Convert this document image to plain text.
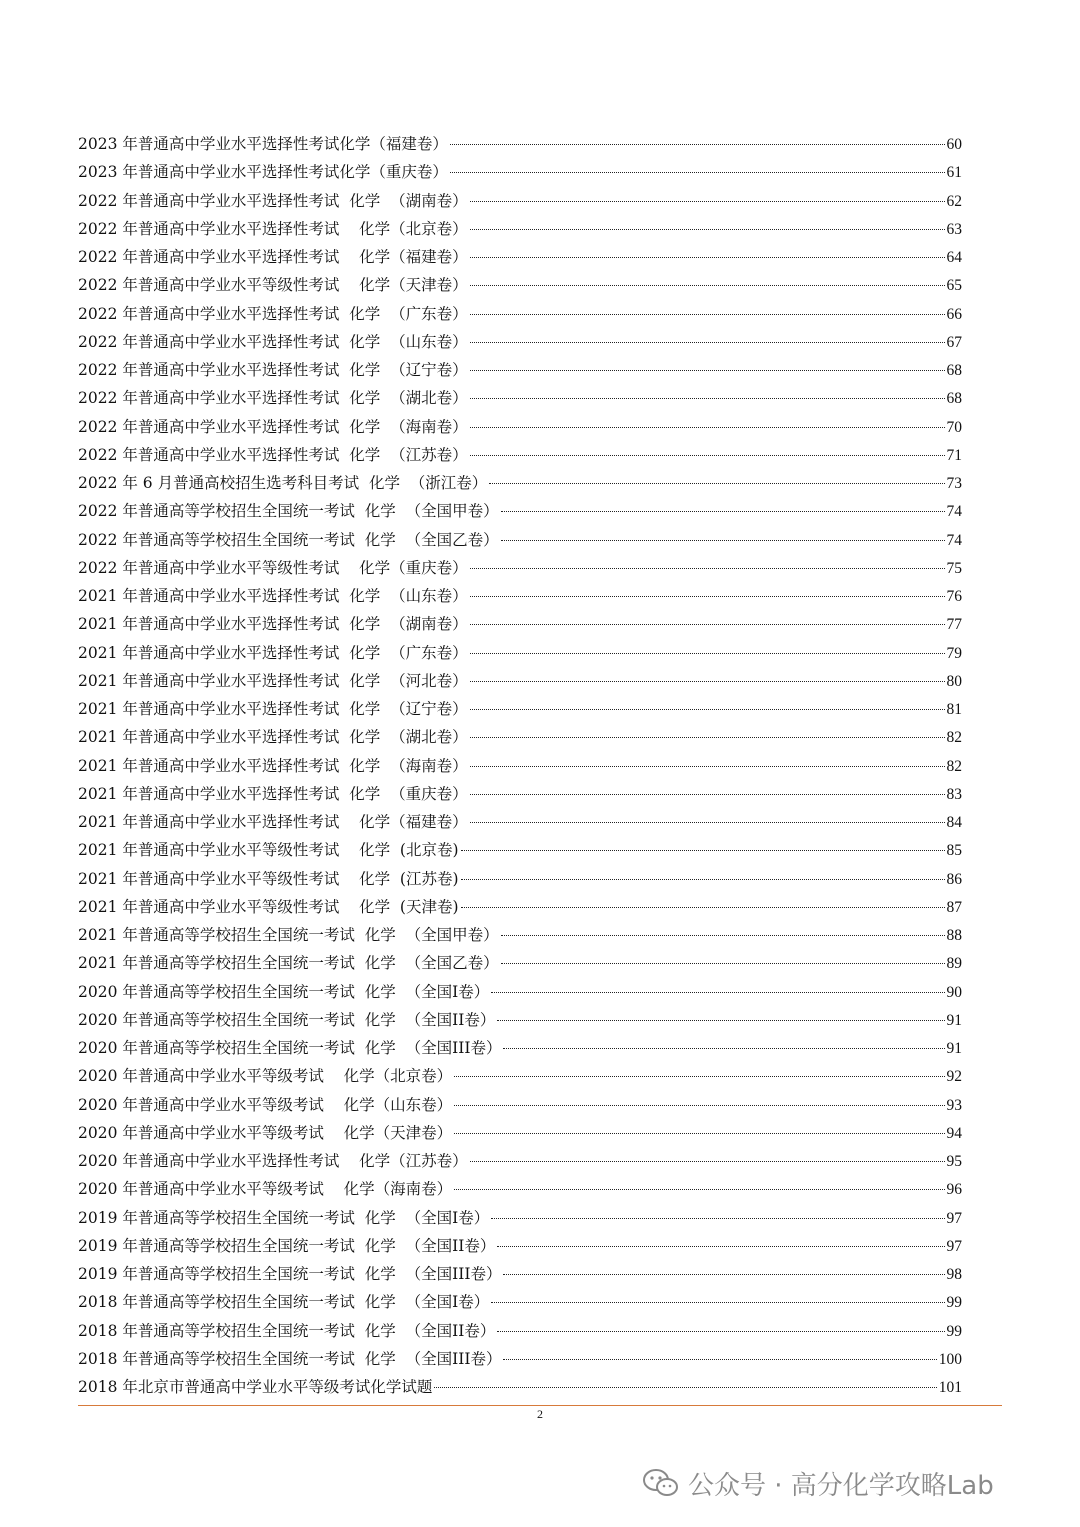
2023 年普通高中学业水平选择性考试化学（福建卷）	60
2023 年普通高中学业水平选择性考试化学（重庆卷）	61
2022 年普通高中学业水平选择性考试  化学  （湖南卷）	62
2022 年普通高中学业水平选择性考试    化学（北京卷）	63
2022 年普通高中学业水平选择性考试    化学（福建卷）	64
2022 年普通高中学业水平等级性考试    化学（天津卷）	65
2022 年普通高中学业水平选择性考试  化学  （广东卷）	66
2022 年普通高中学业水平选择性考试  化学  （山东卷）	67
2022 年普通高中学业水平选择性考试  化学  （辽宁卷）	68
2022 年普通高中学业水平选择性考试  化学  （湖北卷）	68
2022 年普通高中学业水平选择性考试  化学  （海南卷）	70
2022 年普通高中学业水平选择性考试  化学  （江苏卷）	71
2022 年 6 月普通高校招生选考科目考试  化学  （浙江卷）	73
2022 年普通高等学校招生全国统一考试  化学  （全国甲卷）	74
2022 年普通高等学校招生全国统一考试  化学  （全国乙卷）	74
2022 年普通高中学业水平等级性考试    化学（重庆卷）	75
2021 年普通高中学业水平选择性考试  化学  （山东卷）	76
2021 年普通高中学业水平选择性考试  化学  （湖南卷）	77
2021 年普通高中学业水平选择性考试  化学  （广东卷）	79
2021 年普通高中学业水平选择性考试  化学  （河北卷）	80
2021 年普通高中学业水平选择性考试  化学  （辽宁卷）	81
2021 年普通高中学业水平选择性考试  化学  （湖北卷）	82
2021 年普通高中学业水平选择性考试  化学  （海南卷）	82
2021 年普通高中学业水平选择性考试  化学  （重庆卷）	83
2021 年普通高中学业水平选择性考试    化学（福建卷）	84
2021 年普通高中学业水平等级性考试    化学  (北京卷)	85
2021 年普通高中学业水平等级性考试    化学  (江苏卷)	86
2021 年普通高中学业水平等级性考试    化学  (天津卷)	87
2021 年普通高等学校招生全国统一考试  化学  （全国甲卷）	88
2021 年普通高等学校招生全国统一考试  化学  （全国乙卷）	89
2020 年普通高等学校招生全国统一考试  化学  （全国I卷）	90
2020 年普通高等学校招生全国统一考试  化学  （全国II卷）	91
2020 年普通高等学校招生全国统一考试  化学  （全国III卷）	91
2020 年普通高中学业水平等级考试    化学（北京卷）	92
2020 年普通高中学业水平等级考试    化学（山东卷）	93
2020 年普通高中学业水平等级考试    化学（天津卷）	94
2020 年普通高中学业水平选择性考试    化学（江苏卷）	95
2020 年普通高中学业水平等级考试    化学（海南卷）	96
2019 年普通高等学校招生全国统一考试  化学  （全国I卷）	97
2019 年普通高等学校招生全国统一考试  化学  （全国II卷）	97
2019 年普通高等学校招生全国统一考试  化学  （全国III卷）	98
2018 年普通高等学校招生全国统一考试  化学  （全国I卷）	99
2018 年普通高等学校招生全国统一考试  化学  （全国II卷）	99
2018 年普通高等学校招生全国统一考试  化学  （全国III卷）	100
2018 年北京市普通高中学业水平等级考试化学试题	101
2
公众号 · 高分化学攻略Lab
